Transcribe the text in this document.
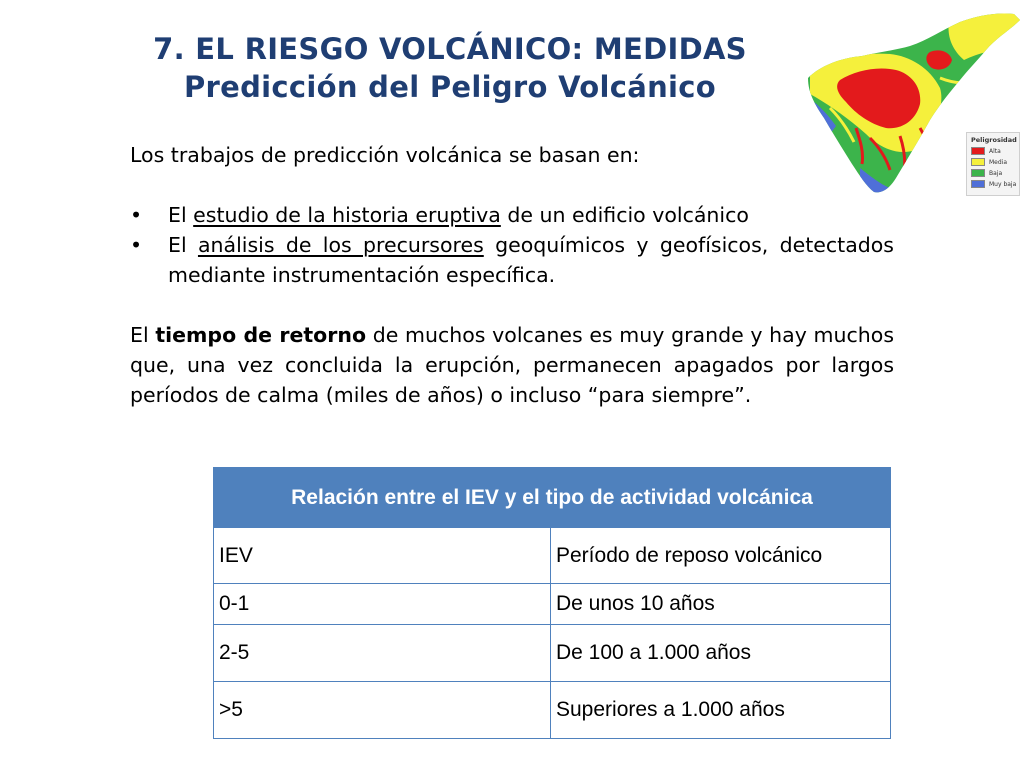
7. EL RIESGO VOLCÁNICO: MEDIDAS
Predicción del Peligro Volcánico
Peligrosidad
Alta
Media
Baja
Muy baja

Los trabajos de predicción volcánica se basan en:

• El estudio de la historia eruptiva de un edificio volcánico
• El análisis de los precursores geoquímicos y geofísicos, detectados mediante instrumentación específica.

El tiempo de retorno de muchos volcanes es muy grande y hay muchos que, una vez concluida la erupción, permanecen apagados por largos períodos de calma (miles de años) o incluso “para siempre”.

Relación entre el IEV y el tipo de actividad volcánica	
IEV	Período de reposo volcánico
0-1	De unos 10 años
2-5	De 100 a 1.000 años
>5	Superiores a 1.000 años
